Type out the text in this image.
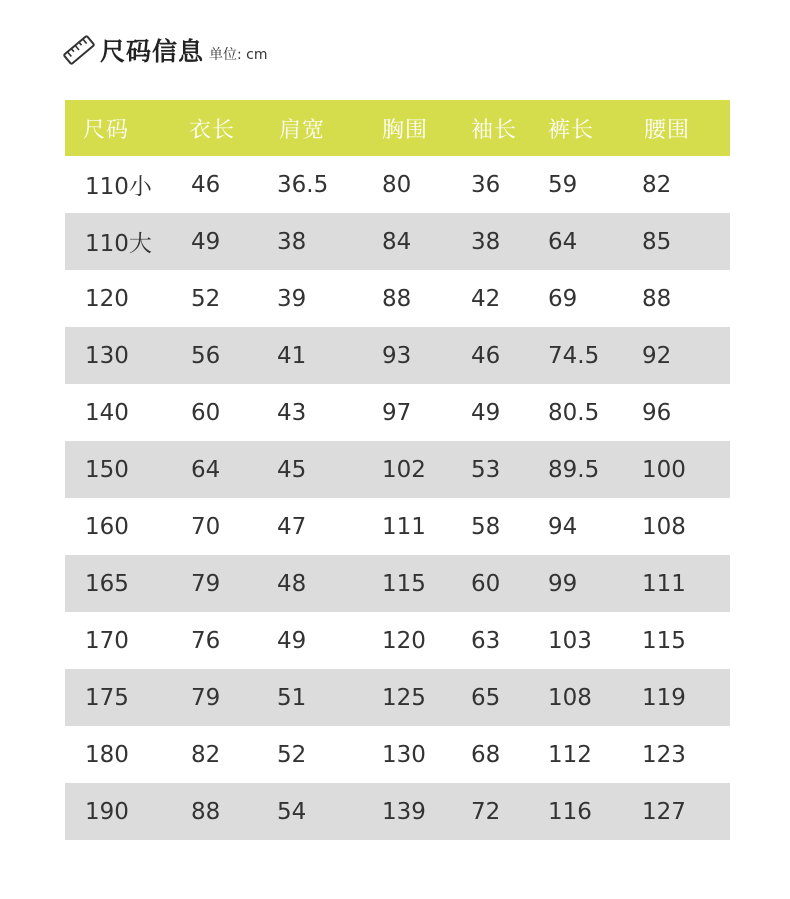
尺码信息 单位: cm
尺码	衣长	肩宽	胸围	袖长	裤长	腰围
110小	46	36.5	80	36	59	82
110大	49	38	84	38	64	85
120	52	39	88	42	69	88
130	56	41	93	46	74.5	92
140	60	43	97	49	80.5	96
150	64	45	102	53	89.5	100
160	70	47	111	58	94	108
165	79	48	115	60	99	111
170	76	49	120	63	103	115
175	79	51	125	65	108	119
180	82	52	130	68	112	123
190	88	54	139	72	116	127
